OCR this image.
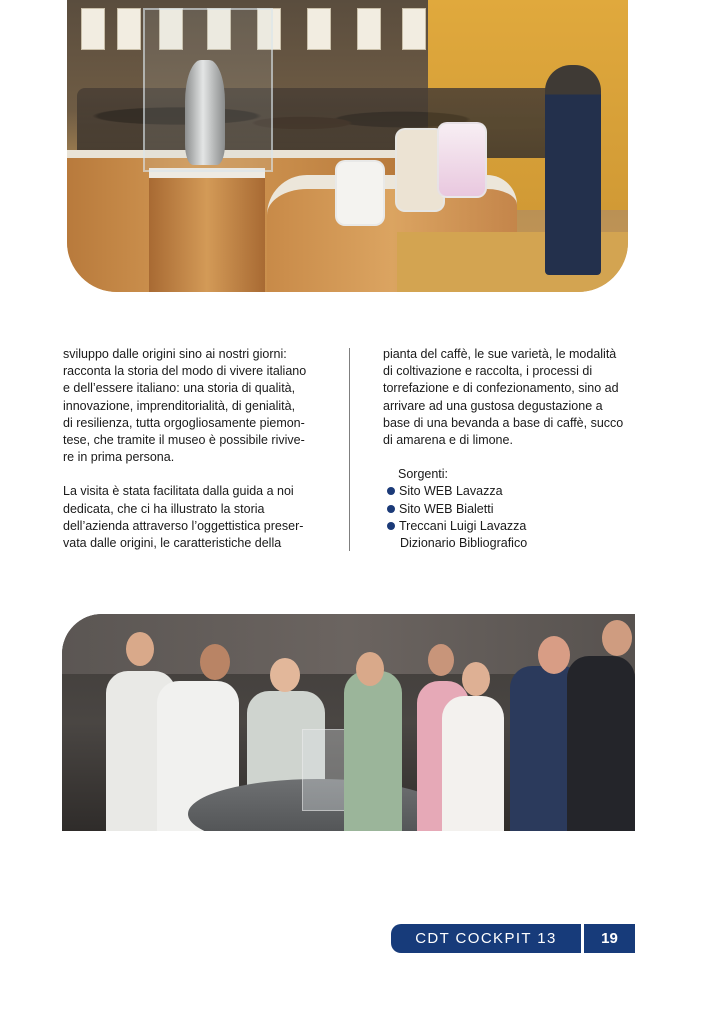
sviluppo dalle origini sino ai nostri giorni:
racconta la storia del modo di vivere italiano
e dell’essere italiano: una storia di qualità,
innovazione, imprenditorialità, di genialità,
di resilienza, tutta orgogliosamente piemon-
tese, che tramite il museo è possibile rivive-
re in prima persona.

La visita è stata facilitata dalla guida a noi
dedicata, che ci ha illustrato la storia
dell’azienda attraverso l’oggettistica preser-
vata dalle origini, le caratteristiche della

pianta del caffè, le sue varietà, le modalità
di coltivazione e raccolta, i processi di
torrefazione e di confezionamento, sino ad
arrivare ad una gustosa degustazione a
base di una bevanda a base di caffè, succo
di amarena e di limone.

Sorgenti:
Sito WEB Lavazza
Sito WEB Bialetti
Treccani Luigi Lavazza
Dizionario Bibliografico
CDT COCKPIT 13	19
